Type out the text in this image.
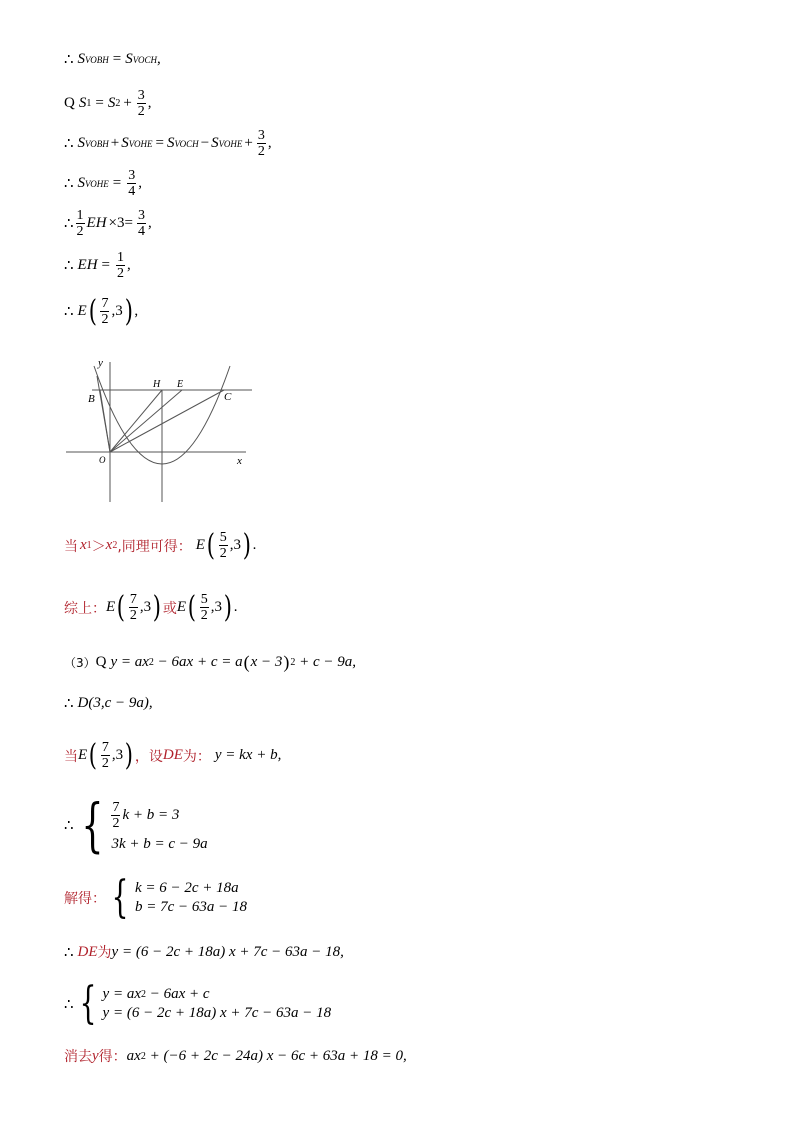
∴ S VOBH = S VOCH ,
Q S 1 = S $2 + \frac{3}{2}$ ,
∴ S VOBH + S VOHE = S VOCH − S VOHE + $\frac{3}{2}$ ,
∴ S VOHE = $\frac{3}{4}$ ,
∴ $\frac{1}{2}$ EH $\times 3= \frac{3}{4}$ ,
∴ EH = $\frac{1}{2}$ ,
∴ E ( $\frac{7}{2} ,3$ ) ,
y
x
O
B
H E
C
当 x 1 ＞ x 2 ,同理可得： E ( $\frac{5}{2} ,3$ ) .
综上： E ( $\frac{7}{2} ,3$ ) 或 E ( $\frac{5}{2} ,3$ ) .
（3） Q y = ax 2 − 6ax + c = a ( x − 3 ) 2 + c − 9a,
∴ D (3,c − 9a),
当 E ( $\frac{7}{2} ,3$ ) ，设 DE 为： y = kx + b,
∴ { $\frac{7}{2}$ k + b = 3
3k + b = c − 9a
解得： { k = 6 − 2c + 18a
b = 7c − 63a − 18
∴ DE 为 y = (6 − 2c + 18a) x + 7c − 63a − 18,
∴ { y = ax 2 − 6ax + c
y = (6 − 2c + 18a) x + 7c − 63a − 18
消去 y 得： ax 2 + (−6 + 2c − 24a) x − 6c + 63a + 18 = 0,
